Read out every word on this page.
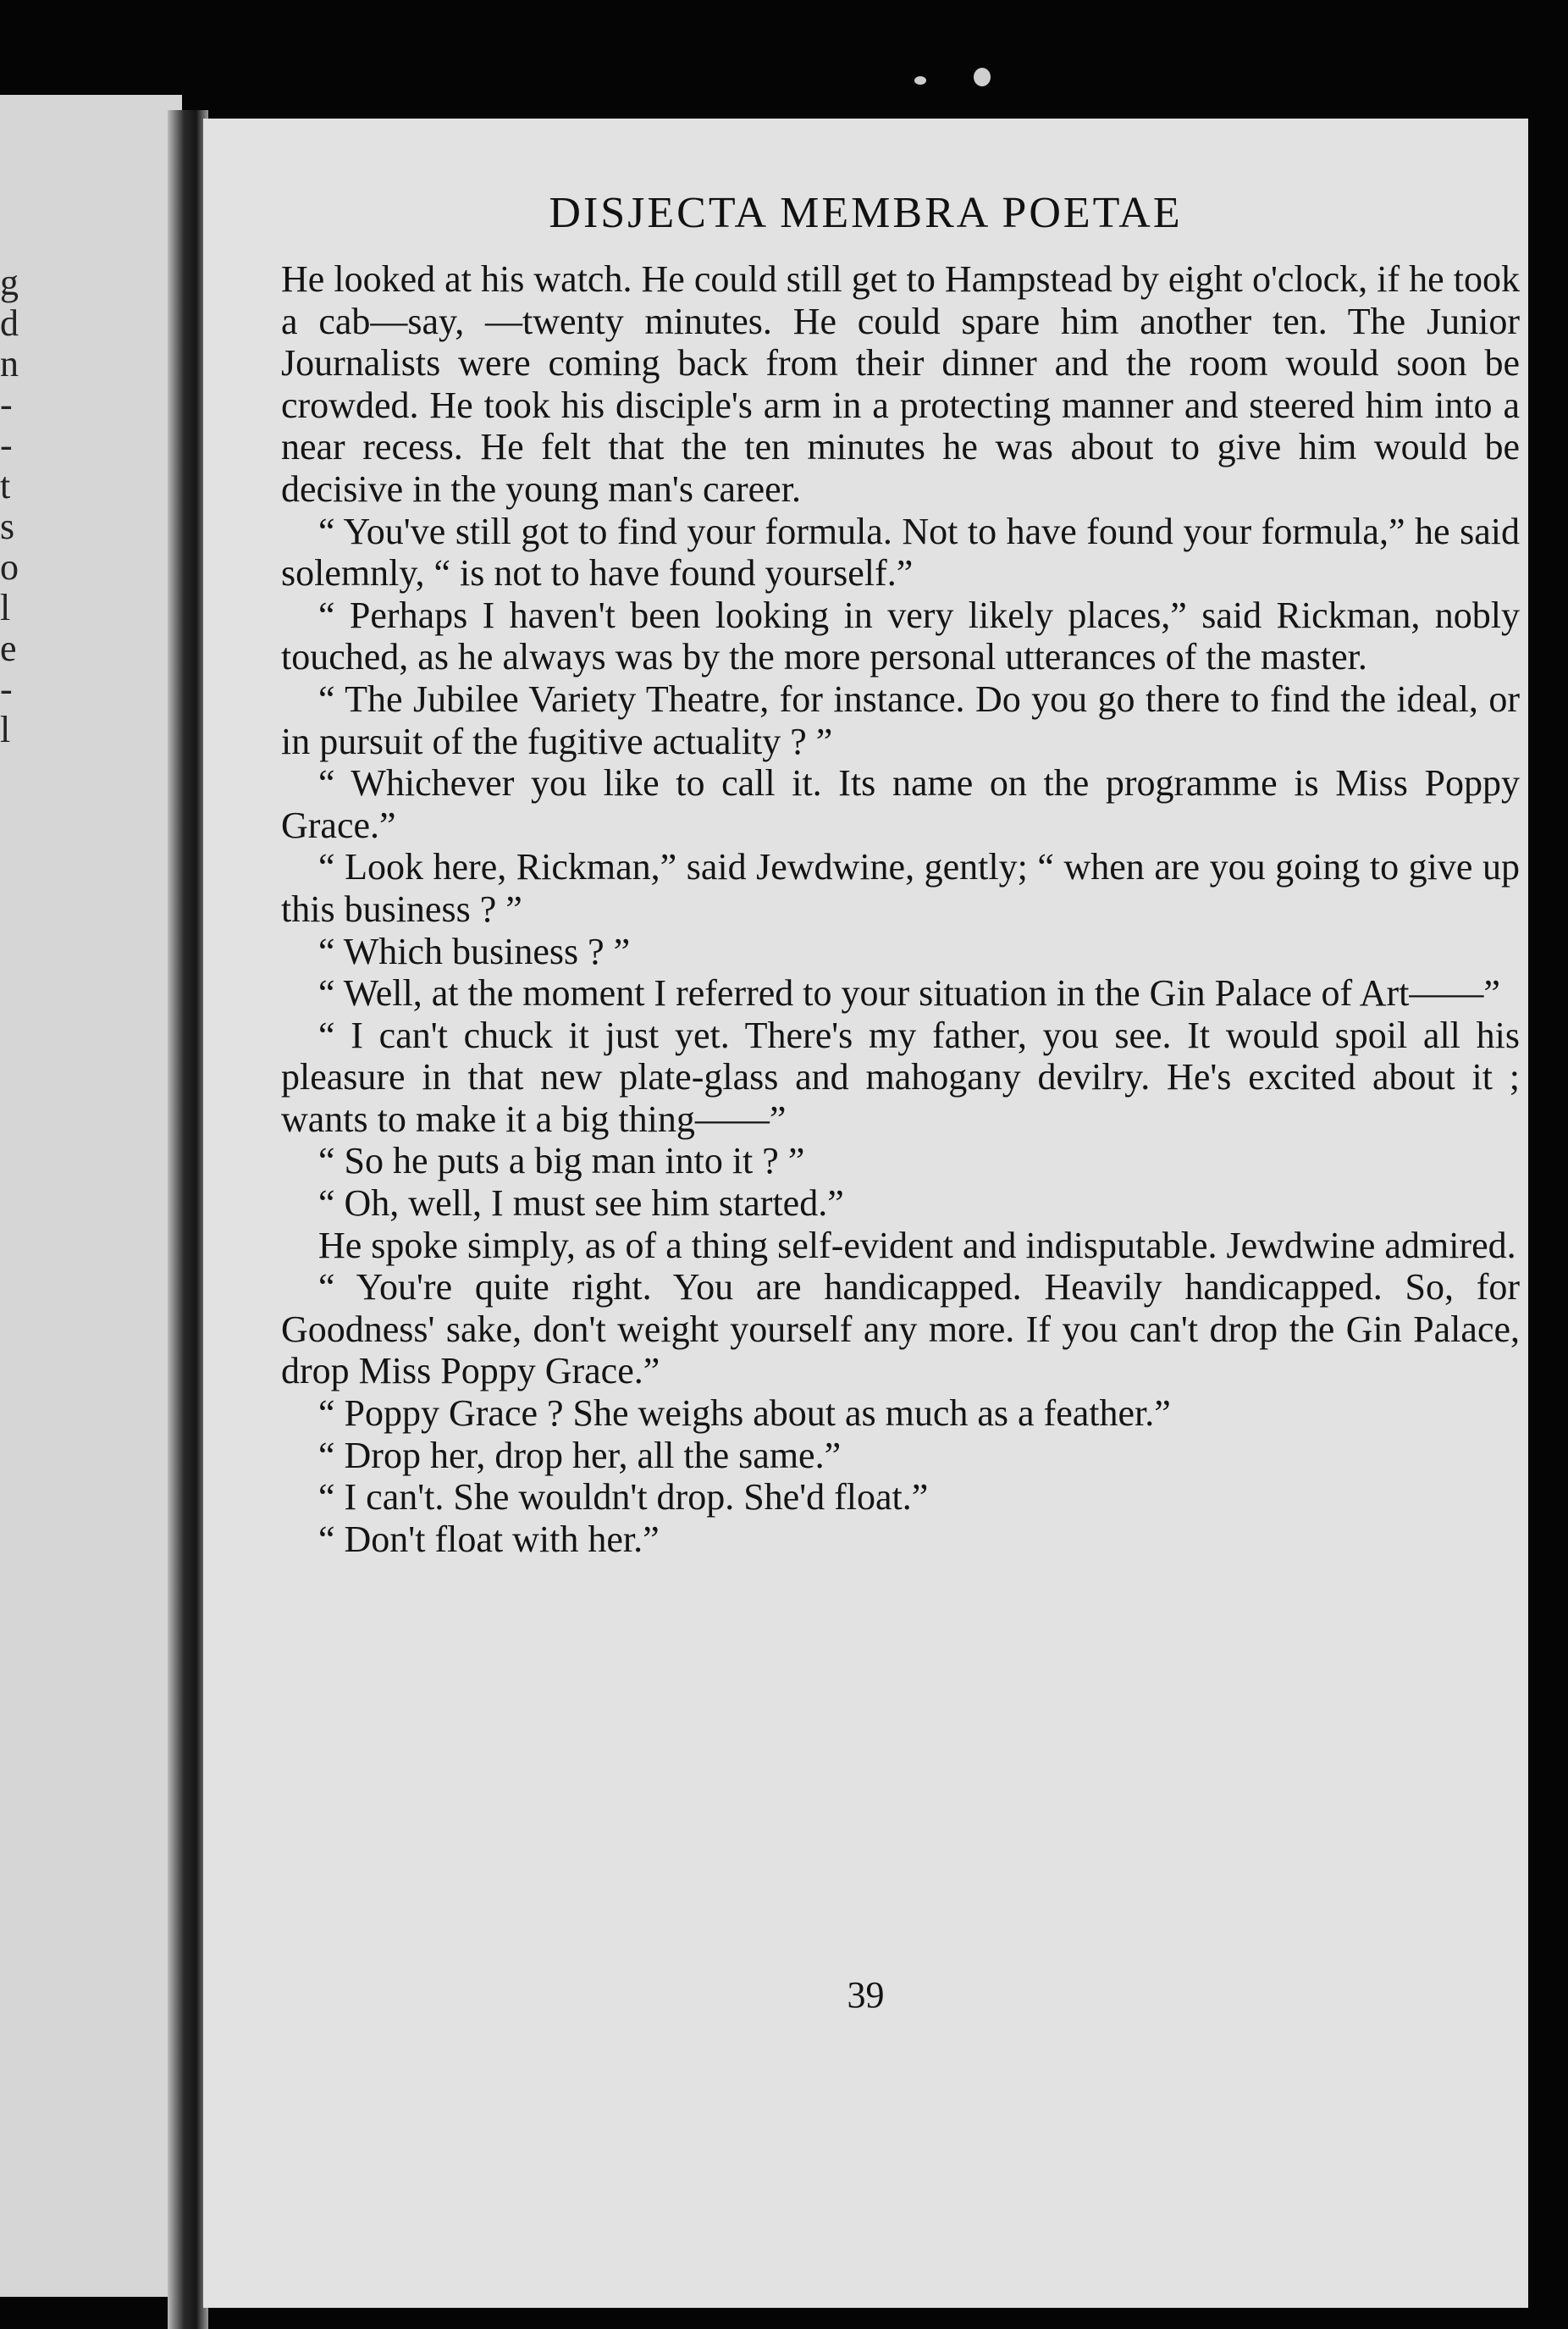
g
d
n
-
-
t
s
o
l
e
-
l
DISJECTA MEMBRA POETAE

He looked at his watch. He could still get to Hampstead by eight o'clock, if he took a cab—say, —twenty minutes. He could spare him another ten. The Junior Journalists were coming back from their dinner and the room would soon be crowded. He took his disciple's arm in a protecting manner and steered him into a near recess. He felt that the ten minutes he was about to give him would be decisive in the young man's career.

“ You've still got to find your formula. Not to have found your formula,” he said solemnly, “ is not to have found yourself.”

“ Perhaps I haven't been looking in very likely places,” said Rickman, nobly touched, as he always was by the more personal utterances of the master.

“ The Jubilee Variety Theatre, for instance. Do you go there to find the ideal, or in pursuit of the fugitive actuality ? ”

“ Whichever you like to call it. Its name on the programme is Miss Poppy Grace.”

“ Look here, Rickman,” said Jewdwine, gently; “ when are you going to give up this business ? ”

“ Which business ? ”

“ Well, at the moment I referred to your situation in the Gin Palace of Art——”

“ I can't chuck it just yet. There's my father, you see. It would spoil all his pleasure in that new plate-glass and mahogany devilry. He's excited about it ; wants to make it a big thing——”

“ So he puts a big man into it ? ”

“ Oh, well, I must see him started.”

He spoke simply, as of a thing self-evident and indisputable. Jewdwine admired.

“ You're quite right. You are handicapped. Heavily handicapped. So, for Goodness' sake, don't weight yourself any more. If you can't drop the Gin Palace, drop Miss Poppy Grace.”

“ Poppy Grace ? She weighs about as much as a feather.”

“ Drop her, drop her, all the same.”

“ I can't. She wouldn't drop. She'd float.”

“ Don't float with her.”

39
